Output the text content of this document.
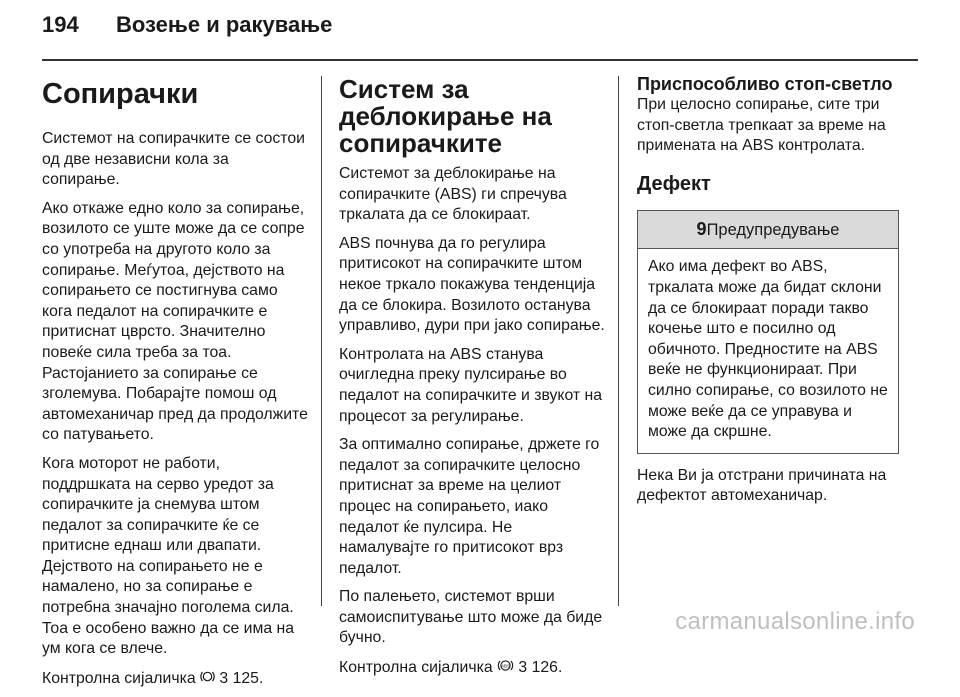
194 Возење и ракување
Сопирачки

Системот на сопирачките се состои од две независни кола за сопирање.

Ако откаже едно коло за сопирање, возилото се уште може да се сопре со употреба на другото коло за сопирање. Меѓутоа, дејството на сопирањето се постигнува само кога педалот на сопирачките е притиснат цврсто. Значително повеќе сила треба за тоа. Растојанието за сопирање се зголемува. Побарајте помош од автомеханичар пред да продолжите со патувањето.

Кога моторот не работи, поддршката на серво уредот за сопирачките ја снемува штом педалот за сопирачките ќе се притисне еднаш или двапати. Дејството на сопирањето не е намалено, но за сопирање е потребна значајно поголема сила. Тоа е особено важно да се има на ум кога се влече.

Контролна сијаличка 3 125.

Систем за деблокирање на сопирачките

Системот за деблокирање на сопирачките (ABS) ги спречува тркалата да се блокираат.

ABS почнува да го регулира притисокот на сопирачките штом некое тркало покажува тенденција да се блокира. Возилото останува управливо, дури при јако сопирање.

Контролата на ABS станува очигледна преку пулсирање во педалот на сопирачките и звукот на процесот за регулирање.

За оптимално сопирање, држете го педалот за сопирачките целосно притиснат за време на целиот процес на сопирањето, иако педалот ќе пулсира. Не намалувајте го притисокот врз педалот.

По палењето, системот врши самоиспитување што може да биде бучно.

Контролна сијаличка ABS 3 126.

Приспособливо стоп-светло

При целосно сопирање, сите три стоп-светла трепкаат за време на примената на ABS контролата.

Дефект
9Предупредување
Ако има дефект во ABS, тркалата може да бидат склони да се блокираат поради такво кочење што е посилно од обичното. Предностите на ABS веќе не функционираат. При силно сопирање, со возилото не може веќе да се управува и може да скршне.

Нека Ви ја отстрани причината на дефектот автомеханичар.

carmanualsonline.info
